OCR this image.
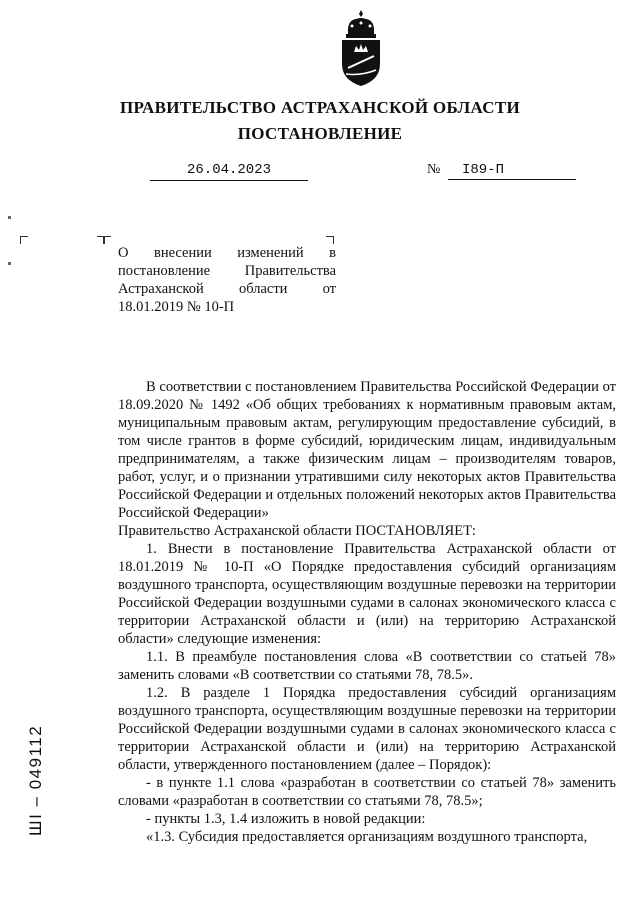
ПРАВИТЕЛЬСТВО АСТРАХАНСКОЙ ОБЛАСТИ
ПОСТАНОВЛЕНИЕ
26.04.2023	№	I89-П
О внесении изменений в постановление Правительства Астраханской области от 18.01.2019 № 10-П

В соответствии с постановлением Правительства Российской Федерации от 18.09.2020 № 1492 «Об общих требованиях к нормативным правовым актам, муниципальным правовым актам, регулирующим предоставление субсидий, в том числе грантов в форме субсидий, юридическим лицам, индивидуальным предпринимателям, а также физическим лицам – производителям товаров, работ, услуг, и о признании утратившими силу некоторых актов Правительства Российской Федерации и отдельных положений некоторых актов Правительства Российской Федерации»

Правительство Астраханской области ПОСТАНОВЛЯЕТ:

1. Внести в постановление Правительства Астраханской области от 18.01.2019 № 10-П «О Порядке предоставления субсидий организациям воздушного транспорта, осуществляющим воздушные перевозки на территории Российской Федерации воздушными судами в салонах экономического класса с территории Астраханской области и (или) на территорию Астраханской области» следующие изменения:

1.1. В преамбуле постановления слова «В соответствии со статьей 78» заменить словами «В соответствии со статьями 78, 78.5».

1.2. В разделе 1 Порядка предоставления субсидий организациям воздушного транспорта, осуществляющим воздушные перевозки на территории Российской Федерации воздушными судами в салонах экономического класса с территории Астраханской области и (или) на территорию Астраханской области, утвержденного постановлением (далее – Порядок):

- в пункте 1.1 слова «разработан в соответствии со статьей 78» заменить словами «разработан в соответствии со статьями 78, 78.5»;

- пункты 1.3, 1.4 изложить в новой редакции:

«1.3. Субсидия предоставляется организациям воздушного транспорта,

ШI – 049112
